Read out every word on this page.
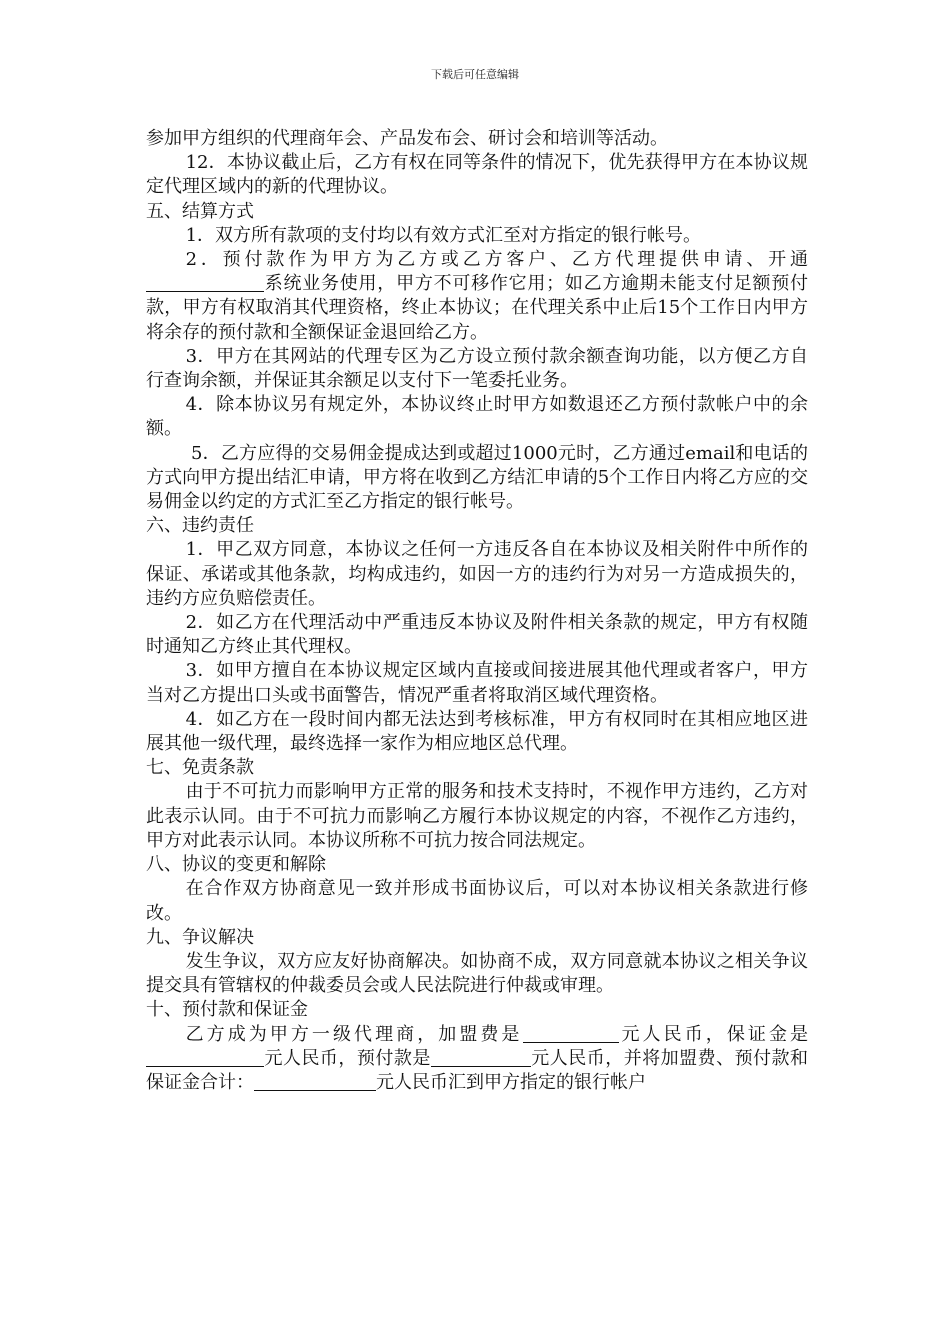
下载后可任意编辑

参加甲方组织的代理商年会、产品发布会、研讨会和培训等活动。

12．本协议截止后，乙方有权在同等条件的情况下，优先获得甲方在本协议规定代理区域内的新的代理协议。

五、结算方式

1．双方所有款项的支付均以有效方式汇至对方指定的银行帐号。

2．预付款作为甲方为乙方或乙方客户、乙方代理提供申请、开通系统业务使用，甲方不可移作它用；如乙方逾期未能支付足额预付款，甲方有权取消其代理资格，终止本协议；在代理关系中止后15个工作日内甲方将余存的预付款和全额保证金退回给乙方。

3．甲方在其网站的代理专区为乙方设立预付款余额查询功能，以方便乙方自行查询余额，并保证其余额足以支付下一笔委托业务。

4．除本协议另有规定外，本协议终止时甲方如数退还乙方预付款帐户中的余额。

5．乙方应得的交易佣金提成达到或超过1000元时，乙方通过email和电话的方式向甲方提出结汇申请，甲方将在收到乙方结汇申请的5个工作日内将乙方应的交易佣金以约定的方式汇至乙方指定的银行帐号。

六、违约责任

1．甲乙双方同意，本协议之任何一方违反各自在本协议及相关附件中所作的保证、承诺或其他条款，均构成违约，如因一方的违约行为对另一方造成损失的，违约方应负赔偿责任。

2．如乙方在代理活动中严重违反本协议及附件相关条款的规定，甲方有权随时通知乙方终止其代理权。

3．如甲方擅自在本协议规定区域内直接或间接进展其他代理或者客户，甲方当对乙方提出口头或书面警告，情况严重者将取消区域代理资格。

4．如乙方在一段时间内都无法达到考核标准，甲方有权同时在其相应地区进展其他一级代理，最终选择一家作为相应地区总代理。

七、免责条款

由于不可抗力而影响甲方正常的服务和技术支持时，不视作甲方违约，乙方对此表示认同。由于不可抗力而影响乙方履行本协议规定的内容，不视作乙方违约，甲方对此表示认同。本协议所称不可抗力按合同法规定。

八、协议的变更和解除

在合作双方协商意见一致并形成书面协议后，可以对本协议相关条款进行修改。

九、争议解决

发生争议，双方应友好协商解决。如协商不成，双方同意就本协议之相关争议提交具有管辖权的仲裁委员会或人民法院进行仲裁或审理。

十、预付款和保证金

乙方成为甲方一级代理商，加盟费是	元人民币，保证金是元人民币，预付款是	元人民币，并将加盟费、预付款和保证金合计：	元人民币汇到甲方指定的银行帐户
